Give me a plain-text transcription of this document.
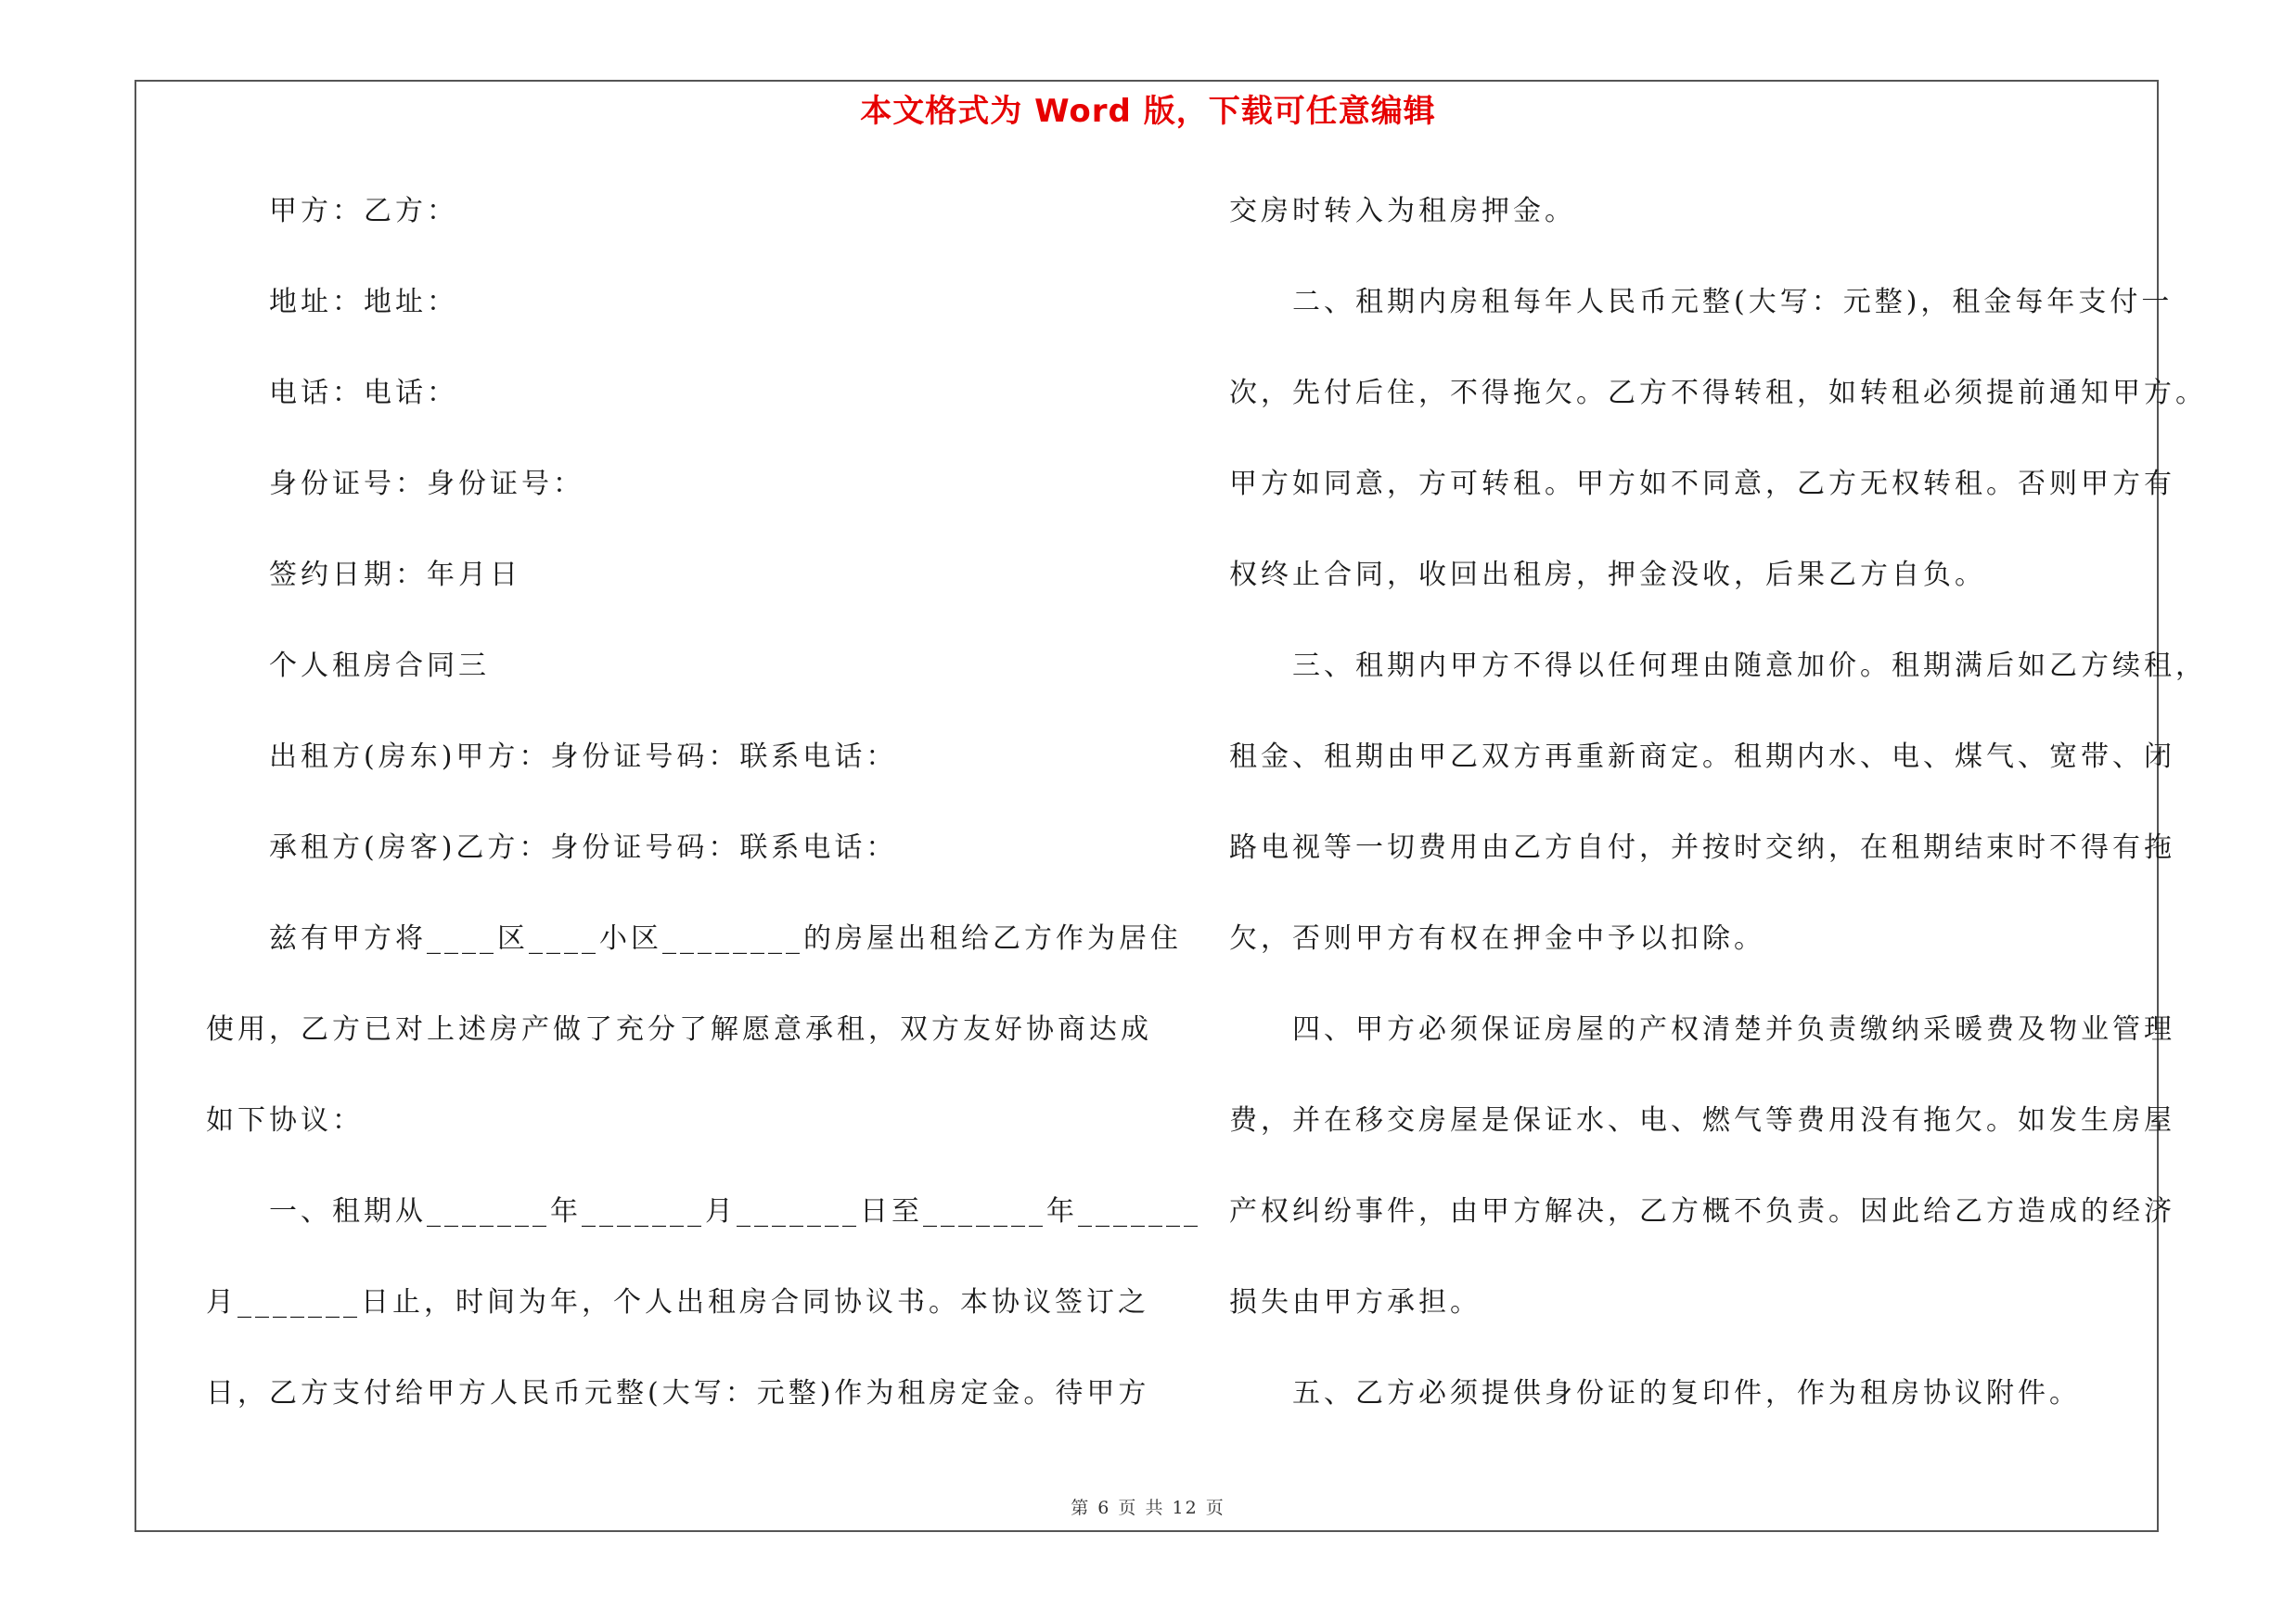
本文格式为 Word 版，下载可任意编辑
甲方：乙方：
地址：地址：
电话：电话：
身份证号：身份证号：
签约日期：年月日
个人租房合同三
出租方(房东)甲方：身份证号码：联系电话：
承租方(房客)乙方：身份证号码：联系电话：
兹有甲方将____区____小区________的房屋出租给乙方作为居住
使用，乙方已对上述房产做了充分了解愿意承租，双方友好协商达成
如下协议：
一、租期从_______年_______月_______日至_______年_______
月_______日止，时间为年，个人出租房合同协议书。本协议签订之
日，乙方支付给甲方人民币元整(大写：元整)作为租房定金。待甲方
交房时转入为租房押金。
二、租期内房租每年人民币元整(大写：元整)，租金每年支付一
次，先付后住，不得拖欠。乙方不得转租，如转租必须提前通知甲方。
甲方如同意，方可转租。甲方如不同意，乙方无权转租。否则甲方有
权终止合同，收回出租房，押金没收，后果乙方自负。
三、租期内甲方不得以任何理由随意加价。租期满后如乙方续租，
租金、租期由甲乙双方再重新商定。租期内水、电、煤气、宽带、闭
路电视等一切费用由乙方自付，并按时交纳，在租期结束时不得有拖
欠，否则甲方有权在押金中予以扣除。
四、甲方必须保证房屋的产权清楚并负责缴纳采暖费及物业管理
费，并在移交房屋是保证水、电、燃气等费用没有拖欠。如发生房屋
产权纠纷事件，由甲方解决，乙方概不负责。因此给乙方造成的经济
损失由甲方承担。
五、乙方必须提供身份证的复印件，作为租房协议附件。
第 6 页 共 12 页
